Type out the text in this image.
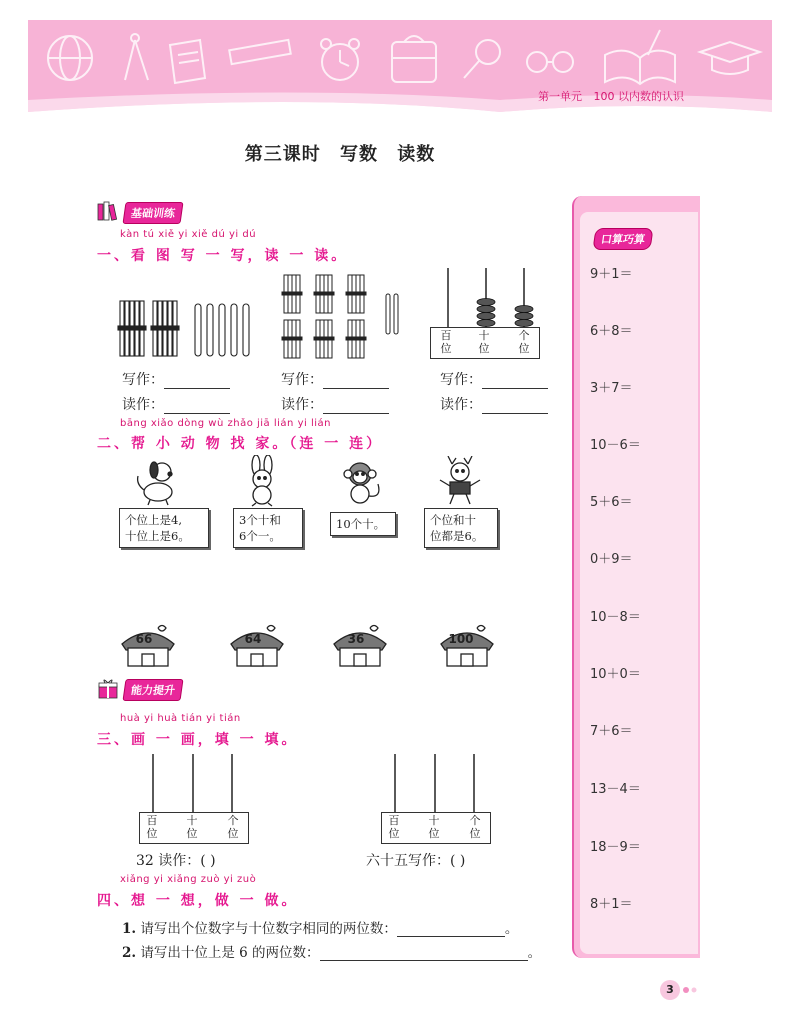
第一单元 100 以内数的认识
第三课时 写数 读数
基础训练
kàn tú xiě yi xiě dú yi dú
一、看 图 写 一 写，读 一 读。
百
位
十
位
个
位
写作：
读作：
写作：
读作：
写作：
读作：
bāng xiǎo dòng wù zhǎo jiā lián yi lián
二、帮 小 动 物 找 家。（连 一 连）
个位上是4,
十位上是6。
3个十和
6个一。
10个十。	个位和十
位都是6。
66	64	36	100
能力提升
huà yi huà tián yi tián
三、画 一 画，填 一 填。
百
位
十
位
个
位
32 读作：( )
百
位
十
位
个
位
六十五写作：( )
xiǎng yi xiǎng zuò yi zuò
四、想 一 想，做 一 做。
1. 请写出个位数字与十位数字相同的两位数：	。
2. 请写出十位上是 6 的两位数：	。
口算巧算
9＋1＝
6＋8＝
3＋7＝
10－6＝
5＋6＝
0＋9＝
10－8＝
10＋0＝
7＋6＝
13－4＝
18－9＝
8＋1＝
3
